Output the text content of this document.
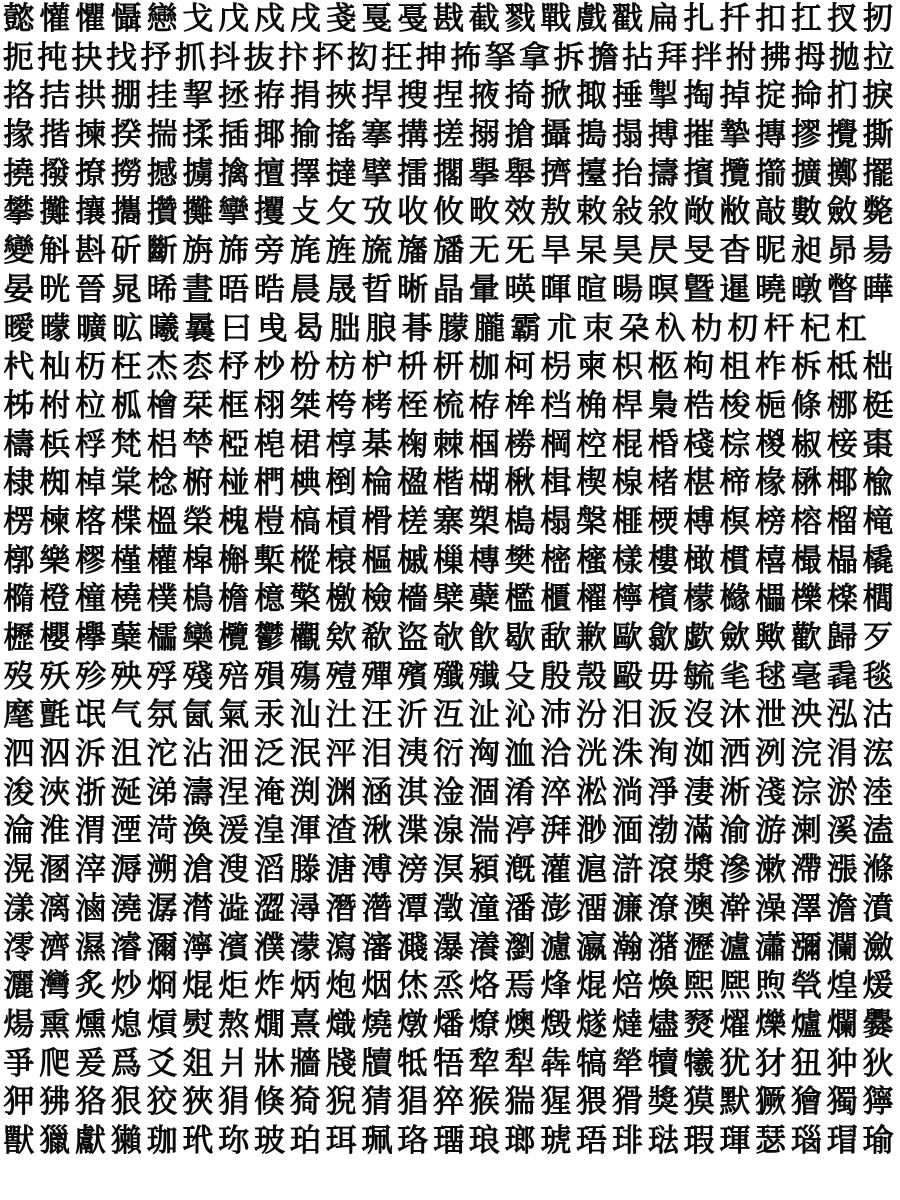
懿 懽 懼 懾 戀 戈 戊 戍 戌 戔 戛 戞 戡 截 戮 戰 戲 戳 扁 扎 扦 扣 扛 扠 扨
扼 扽 抉 找 抒 抓 抖 抜 抃 抔 抝 抂 抻 抪 拏 拿 拆 擔 拈 拜 拌 拊 拂 拇 拋 拉
挌 拮 拱 掤 挂 挈 拯 拵 捐 挾 捍 搜 捏 掖 掎 掀 掫 捶 掣 掏 掉 掟 掵 扪 捩
掾 揩 揀 揆 揣 揉 插 揶 揄 搖 搴 搆 搓 搦 搶 攝 搗 搨 搏 摧 摯 摶 摎 攪 撕
撓 撥 撩 撈 撼 擄 擒 擅 擇 撻 擘 擂 擱 擧 舉 擠 擡 抬 擣 擯 攬 擶 擴 擲 擺
攀 攤 攘 攜 攢 攤 攣 攫 攴 攵 攷 收 攸 畋 效 敖 敕 敍 敘 敞 敝 敲 數 斂 斃
變 斛 斟 斫 斷 旃 旆 旁 旄 旌 旒 旛 旙 无 旡 旱 杲 昊 昃 旻 杳 昵 昶 昴 昜
晏 晄 晉 晁 晞 晝 晤 晧 晨 晟 晢 晰 晶 暈 暎 暉 暄 暘 暝 曁 暹 曉 暾 暼 曄
曖 曚 曠 昿 曦 曩 曰 曵 曷 朏 朖 朞 朦 朧 霸 朮 朿 朶 杁 朸 朷 杆 杞 杠
杙 杣 杤 枉 杰 枩 杼 杪 枌 枋 枦 枡 枅 枷 柯 枴 柬 枳 柩 枸 柤 柞 柝 柢 柮
柹 柎 柆 柧 檜 栞 框 栩 桀 桍 栲 桎 梳 栫 桙 档 桷 桿 梟 梏 梭 梔 條 梛 梃
檮 梹 桴 梵 梠 梺 椏 梍 桾 椁 棊 椈 棘 椢 椦 棡 椌 棍 棔 棧 棕 椶 椒 椄 棗
棣 椥 棹 棠 棯 椨 椪 椚 椣 椡 棆 楹 楷 楜 楸 楫 楔 楾 楮 椹 楴 椽 楙 椰 楡
楞 楝 楁 楪 榲 榮 槐 榿 槁 槓 榾 槎 寨 槊 槝 榻 槃 榧 樮 榑 榠 榜 榕 榴 槞
槨 樂 樛 槿 權 槹 槲 槧 樅 榱 樞 槭 樔 槫 樊 樒 櫁 樣 樓 橄 樌 橲 樶 橸 橇
橢 橙 橦 橈 樸 樢 檐 檍 檠 檄 檢 檣 檗 蘗 檻 櫃 櫂 檸 檳 檬 櫞 櫑 櫟 檪 櫚
櫪 櫻 欅 蘖 櫺 欒 欖 鬱 欟 欸 欷 盜 欹 飮 歇 歃 歉 歐 歙 歔 歛 歟 歡 歸 歹
歿 殀 殄 殃 殍 殘 殕 殞 殤 殪 殫 殯 殲 殱 殳 殷 殼 毆 毋 毓 毟 毬 毫 毳 毯
麾 氈 氓 气 氛 氤 氣 汞 汕 汢 汪 沂 沍 沚 沁 沛 汾 汨 汳 沒 沐 泄 泱 泓 沽
泗 泅 泝 沮 沱 沾 沺 泛 泯 泙 泪 洟 衍 洶 洫 洽 洸 洙 洵 洳 洒 洌 浣 涓 浤
浚 浹 浙 涎 涕 濤 涅 淹 渕 渊 涵 淇 淦 涸 淆 淬 淞 淌 淨 淒 淅 淺 淙 淤 淕
淪 淮 渭 湮 渮 渙 湲 湟 渾 渣 湫 渫 湶 湍 渟 湃 渺 湎 渤 滿 渝 游 溂 溪 溘
滉 溷 滓 溽 溯 滄 溲 滔 滕 溏 溥 滂 溟 潁 漑 灌 滬 滸 滾 漿 滲 漱 滯 漲 滌
漾 漓 滷 澆 潺 潸 澁 澀 潯 潛 濳 潭 澂 潼 潘 澎 澑 濂 潦 澳 澣 澡 澤 澹 濆
澪 濟 濕 濬 濔 濘 濱 濮 濛 瀉 瀋 濺 瀑 瀁 瀏 濾 瀛 瀚 潴 瀝 瀘 瀟 瀰 瀾 瀲
灑 灣 炙 炒 烱 焜 炬 炸 炳 炮 烟 烋 烝 烙 焉 烽 焜 焙 煥 煕 熈 煦 煢 煌 煖
煬 熏 燻 熄 熕 熨 熬 燗 熹 熾 燒 燉 燔 燎 燠 燬 燧 燵 燼 燹 燿 爍 爐 爛 爨
爭 爬 爰 爲 爻 爼 爿 牀 牆 牋 牘 牴 牾 犂 犁 犇 犒 犖 犢 犧 犹 犲 狃 狆 狄
狎 狒 狢 狠 狡 狹 狷 倏 猗 猊 猜 猖 猝 猴 猯 猩 猥 猾 獎 獏 默 獗 獪 獨 獰
獸 獵 獻 獺 珈 玳 珎 玻 珀 珥 珮 珞 璢 琅 瑯 琥 珸 琲 琺 瑕 琿 瑟 瑙 瑁 瑜
